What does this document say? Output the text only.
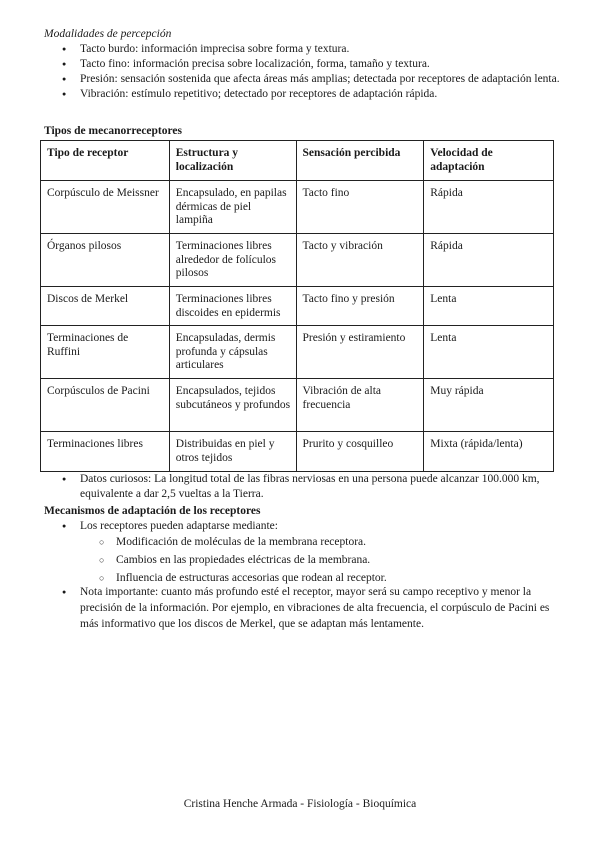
Modalidades de percepción
● Tacto burdo: información imprecisa sobre forma y textura.
● Tacto fino: información precisa sobre localización, forma, tamaño y textura.
● Presión: sensación sostenida que afecta áreas más amplias; detectada por receptores de adaptación lenta.
● Vibración: estímulo repetitivo; detectado por receptores de adaptación rápida.
Tipos de mecanorreceptores
Tipo de receptor	Estructura y localización	Sensación percibida	Velocidad de adaptación
Corpúsculo de Meissner	Encapsulado, en papilas dérmicas de piel lampiña	Tacto fino	Rápida
Órganos pilosos	Terminaciones libres alrededor de folículos pilosos	Tacto y vibración	Rápida
Discos de Merkel	Terminaciones libres discoides en epidermis	Tacto fino y presión	Lenta
Terminaciones de Ruffini	Encapsuladas, dermis profunda y cápsulas articulares	Presión y estiramiento	Lenta
Corpúsculos de Pacini	Encapsulados, tejidos subcutáneos y profundos	Vibración de alta frecuencia	Muy rápida
Terminaciones libres	Distribuidas en piel y otros tejidos	Prurito y cosquilleo	Mixta (rápida/lenta)
● Datos curiosos: La longitud total de las fibras nerviosas en una persona puede alcanzar 100.000 km, equivalente a dar 2,5 vueltas a la Tierra.
Mecanismos de adaptación de los receptores
● Los receptores pueden adaptarse mediante:
○ Modificación de moléculas de la membrana receptora.
○ Cambios en las propiedades eléctricas de la membrana.
○ Influencia de estructuras accesorias que rodean al receptor.
● Nota importante: cuanto más profundo esté el receptor, mayor será su campo receptivo y menor la precisión de la información. Por ejemplo, en vibraciones de alta frecuencia, el corpúsculo de Pacini es más informativo que los discos de Merkel, que se adaptan más lentamente.
Cristina Henche Armada - Fisiología - Bioquímica
